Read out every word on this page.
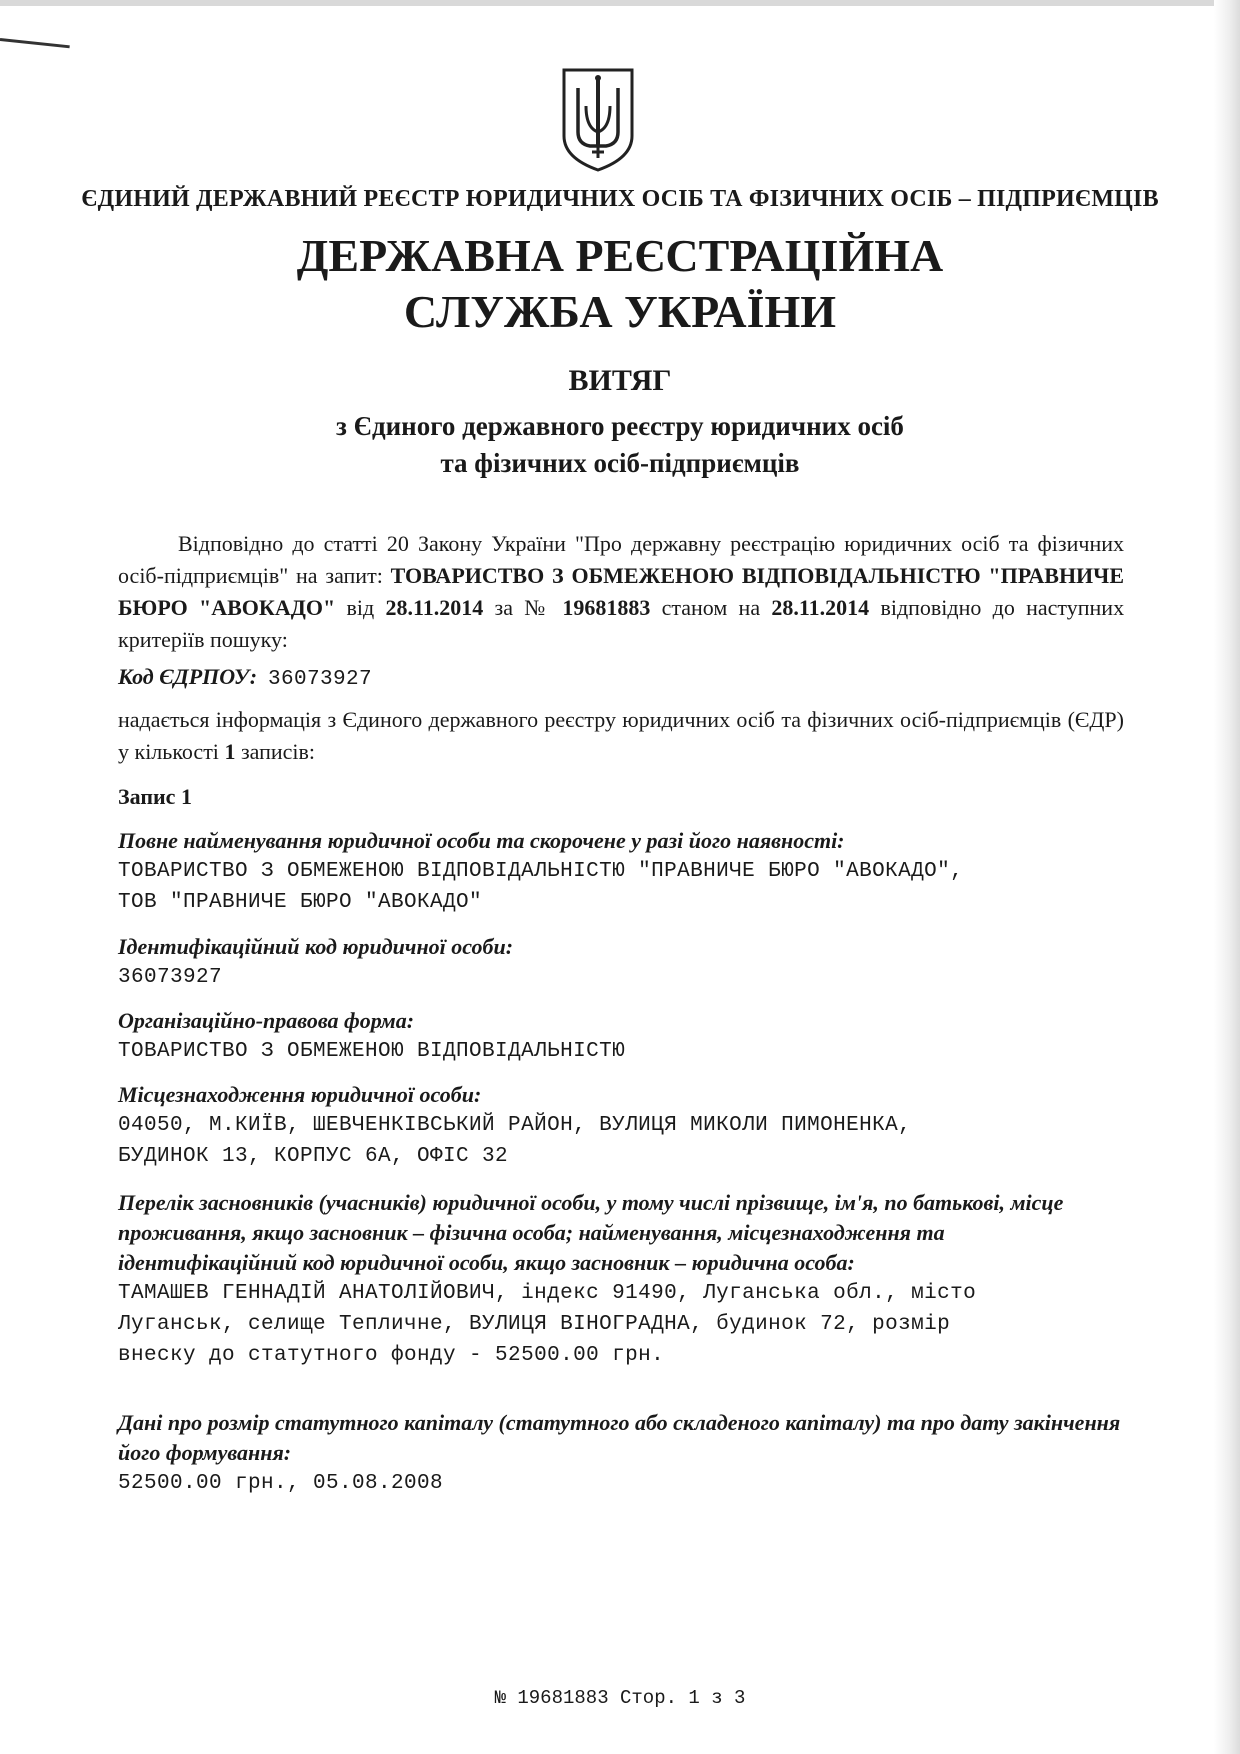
ЄДИНИЙ ДЕРЖАВНИЙ РЕЄСТР ЮРИДИЧНИХ ОСІБ ТА ФІЗИЧНИХ ОСІБ – ПІДПРИЄМЦІВ
ДЕРЖАВНА РЕЄСТРАЦІЙНА
СЛУЖБА УКРАЇНИ
ВИТЯГ
з Єдиного державного реєстру юридичних осіб
та фізичних осіб-підприємців
Відповідно до статті 20 Закону України "Про державну реєстрацію юридичних осіб та фізичних осіб-підприємців" на запит: ТОВАРИСТВО З ОБМЕЖЕНОЮ ВІДПОВІДАЛЬНІСТЮ "ПРАВНИЧЕ БЮРО "АВОКАДО" від 28.11.2014 за № 19681883 станом на 28.11.2014 відповідно до наступних критеріїв пошуку:
Код ЄДРПОУ: 36073927
надається інформація з Єдиного державного реєстру юридичних осіб та фізичних осіб-підприємців (ЄДР) у кількості 1 записів:
Запис 1
Повне найменування юридичної особи та скорочене у разі його наявності:
ТОВАРИСТВО З ОБМЕЖЕНОЮ ВІДПОВІДАЛЬНІСТЮ "ПРАВНИЧЕ БЮРО "АВОКАДО",
ТОВ "ПРАВНИЧЕ БЮРО "АВОКАДО"
Ідентифікаційний код юридичної особи:
36073927
Організаційно-правова форма:
ТОВАРИСТВО З ОБМЕЖЕНОЮ ВІДПОВІДАЛЬНІСТЮ
Місцезнаходження юридичної особи:
04050, М.КИЇВ, ШЕВЧЕНКІВСЬКИЙ РАЙОН, ВУЛИЦЯ МИКОЛИ ПИМОНЕНКА,
БУДИНОК 13, КОРПУС 6А, ОФІС 32
Перелік засновників (учасників) юридичної особи, у тому числі прізвище, ім'я, по батькові, місце проживання, якщо засновник – фізична особа; найменування, місцезнаходження та ідентифікаційний код юридичної особи, якщо засновник – юридична особа:
ТАМАШЕВ ГЕННАДІЙ АНАТОЛІЙОВИЧ, індекс 91490, Луганська обл., місто
Луганськ, селище Тепличне, ВУЛИЦЯ ВІНОГРАДНА, будинок 72, розмір
внеску до статутного фонду - 52500.00 грн.
Дані про розмір статутного капіталу (статутного або складеного капіталу) та про дату закінчення його формування:
52500.00 грн., 05.08.2008
№ 19681883 Стор. 1 з 3
